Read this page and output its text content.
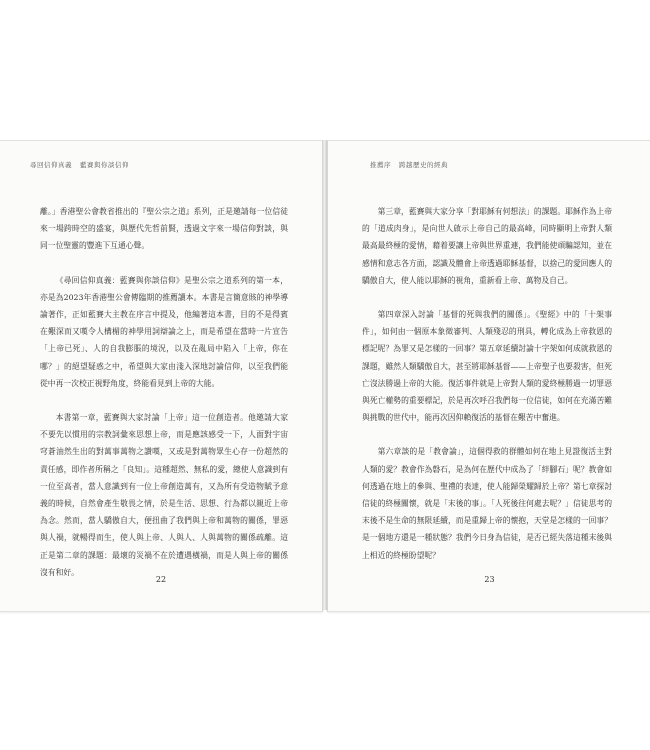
尋回信仰真義 藍賽與你談信仰

離。」香港聖公會教省推出的『聖公宗之道』系列，正是邀請每一位信徒來一場跨時空的盛宴，與歷代先哲前賢，透過文字來一場信仰對談，與同一位聖靈的豐進下互通心聲。

《尋回信仰真義：藍賽與你談信仰》是聖公宗之道系列的第一本，亦是為2023年香港聖公會傳臨期的推薦讀本。本書是言簡意賅的神學導論著作，正如藍賽大主教在序言中提及，他編著這本書，目的不是得賓在艱深而又嘆令人構楣的神學用詞辯論之上，而是希望在當時一片宣告「上帝已死」、人的自我膨脹的境況，以及在亂局中陷入「上帝，你在哪？」的絕望疑惑之中，希望與大家由淺入深地討論信仰，以至我們能從中再一次校正視野角度，終能看見到上帝的大能。

本書第一章，藍賽與大家討論「上帝」這一位創造者。他邀請大家不要先以慣用的宗教詞彙來思想上帝，而是應該感受一下，人面對宇宙穹蒼油然生出的對萬事萬物之讚嘆，又或是對萬物眾生心存一份超然的責任感，即作者所稱之「良知」。這種超然、無私的愛，總使人意識到有一位至高者，當人意識到有一位上帝創造萬有，又為所有受造物賦予意義的時候，自然會產生敬畏之情，於是生活、思想、行為都以親近上帝為念。然而，當人驕傲自大，便扭曲了我們與上帝和萬物的關係，罪惡與人禍，就暢得而生，使人與上帝、人與人、人與萬物的關係疏離。這正是第二章的課題：最壞的災禍不在於遭遇橫禍，而是人與上帝的關係沒有和好。

22
推薦序 跨越歷史的經典

第三章，藍賽與大家分享「對耶穌有何想法」的課題。耶穌作為上帝的「道成肉身」，是向世人啟示上帝自己的最高峰，同時顯明上帝對人類最高最終極的愛情，藉着要讓上帝與世界重連，我們能使頑騙認知，並在感情和意志各方面，認識及體會上帝透過耶穌基督，以捨己的愛回應人的驕傲自大，使人能以耶穌的視角，重新看上帝、萬物及自己。

第四章深入討論「基督的死與我們的關係」。《聖經》中的「十架事件」，如何由一個原本象徵審判、人類殘忍的刑具，轉化成為上帝救恩的標記呢？為罪又是怎樣的一回事？第五章延續討論十字架如何成就救恩的課題，雖然人類驕傲自大，甚至將耶穌基督——上帝聖子也要殺害，但死亡沒法勝過上帝的大能。復活事件就是上帝對人類的愛終極勝過一切罪惡與死亡權勢的重要標記，於是再次呼召我們每一位信徒，如何在充滿苦難與挑戰的世代中，能再次因仰賴復活的基督在艱苦中奮進。

第六章談的是「教會論」，這個得救的群體如何在地上見證復活主對人類的愛？教會作為磐石，是為何在歷代中成為了「絆腳石」呢？教會如何透過在地上的參與、聖禮的表達，使人能歸榮耀歸於上帝？第七章探討信徒的終極關懷，就是「末後的事」。「人死後往何處去呢？」信徒思考的末後不是生命的無限延續，而是重歸上帝的懷抱，天堂是怎樣的一回事？是一個地方還是一種狀態？我們今日身為信徒，是否已經失落這種末後與上相近的終極盼望呢？

23
